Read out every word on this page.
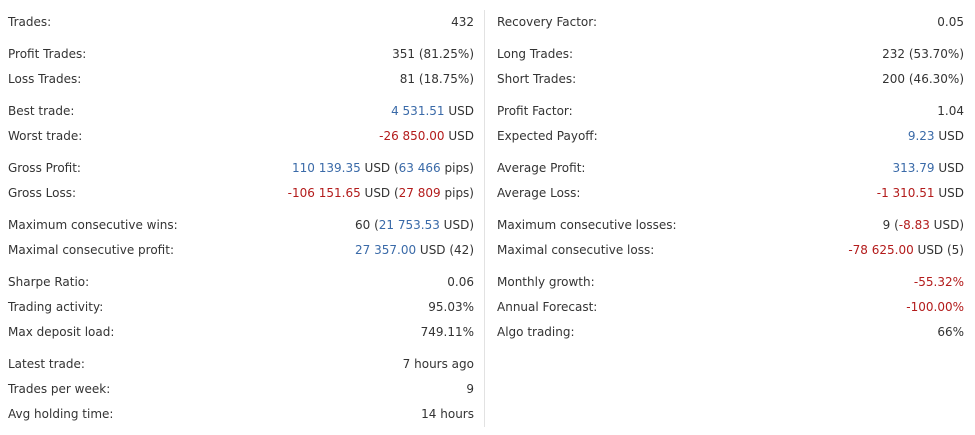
Trades:	432
Profit Trades:	351 (81.25%)
Loss Trades:	81 (18.75%)
Best trade:	4 531.51 USD
Worst trade:	-26 850.00 USD
Gross Profit:	110 139.35 USD (63 466 pips)
Gross Loss:	-106 151.65 USD (27 809 pips)
Maximum consecutive wins:	60 (21 753.53 USD)
Maximal consecutive profit:	27 357.00 USD (42)
Sharpe Ratio:	0.06
Trading activity:	95.03%
Max deposit load:	749.11%
Latest trade:	7 hours ago
Trades per week:	9
Avg holding time:	14 hours
Recovery Factor:	0.05
Long Trades:	232 (53.70%)
Short Trades:	200 (46.30%)
Profit Factor:	1.04
Expected Payoff:	9.23 USD
Average Profit:	313.79 USD
Average Loss:	-1 310.51 USD
Maximum consecutive losses:	9 (-8.83 USD)
Maximal consecutive loss:	-78 625.00 USD (5)
Monthly growth:	-55.32%
Annual Forecast:	-100.00%
Algo trading:	66%
